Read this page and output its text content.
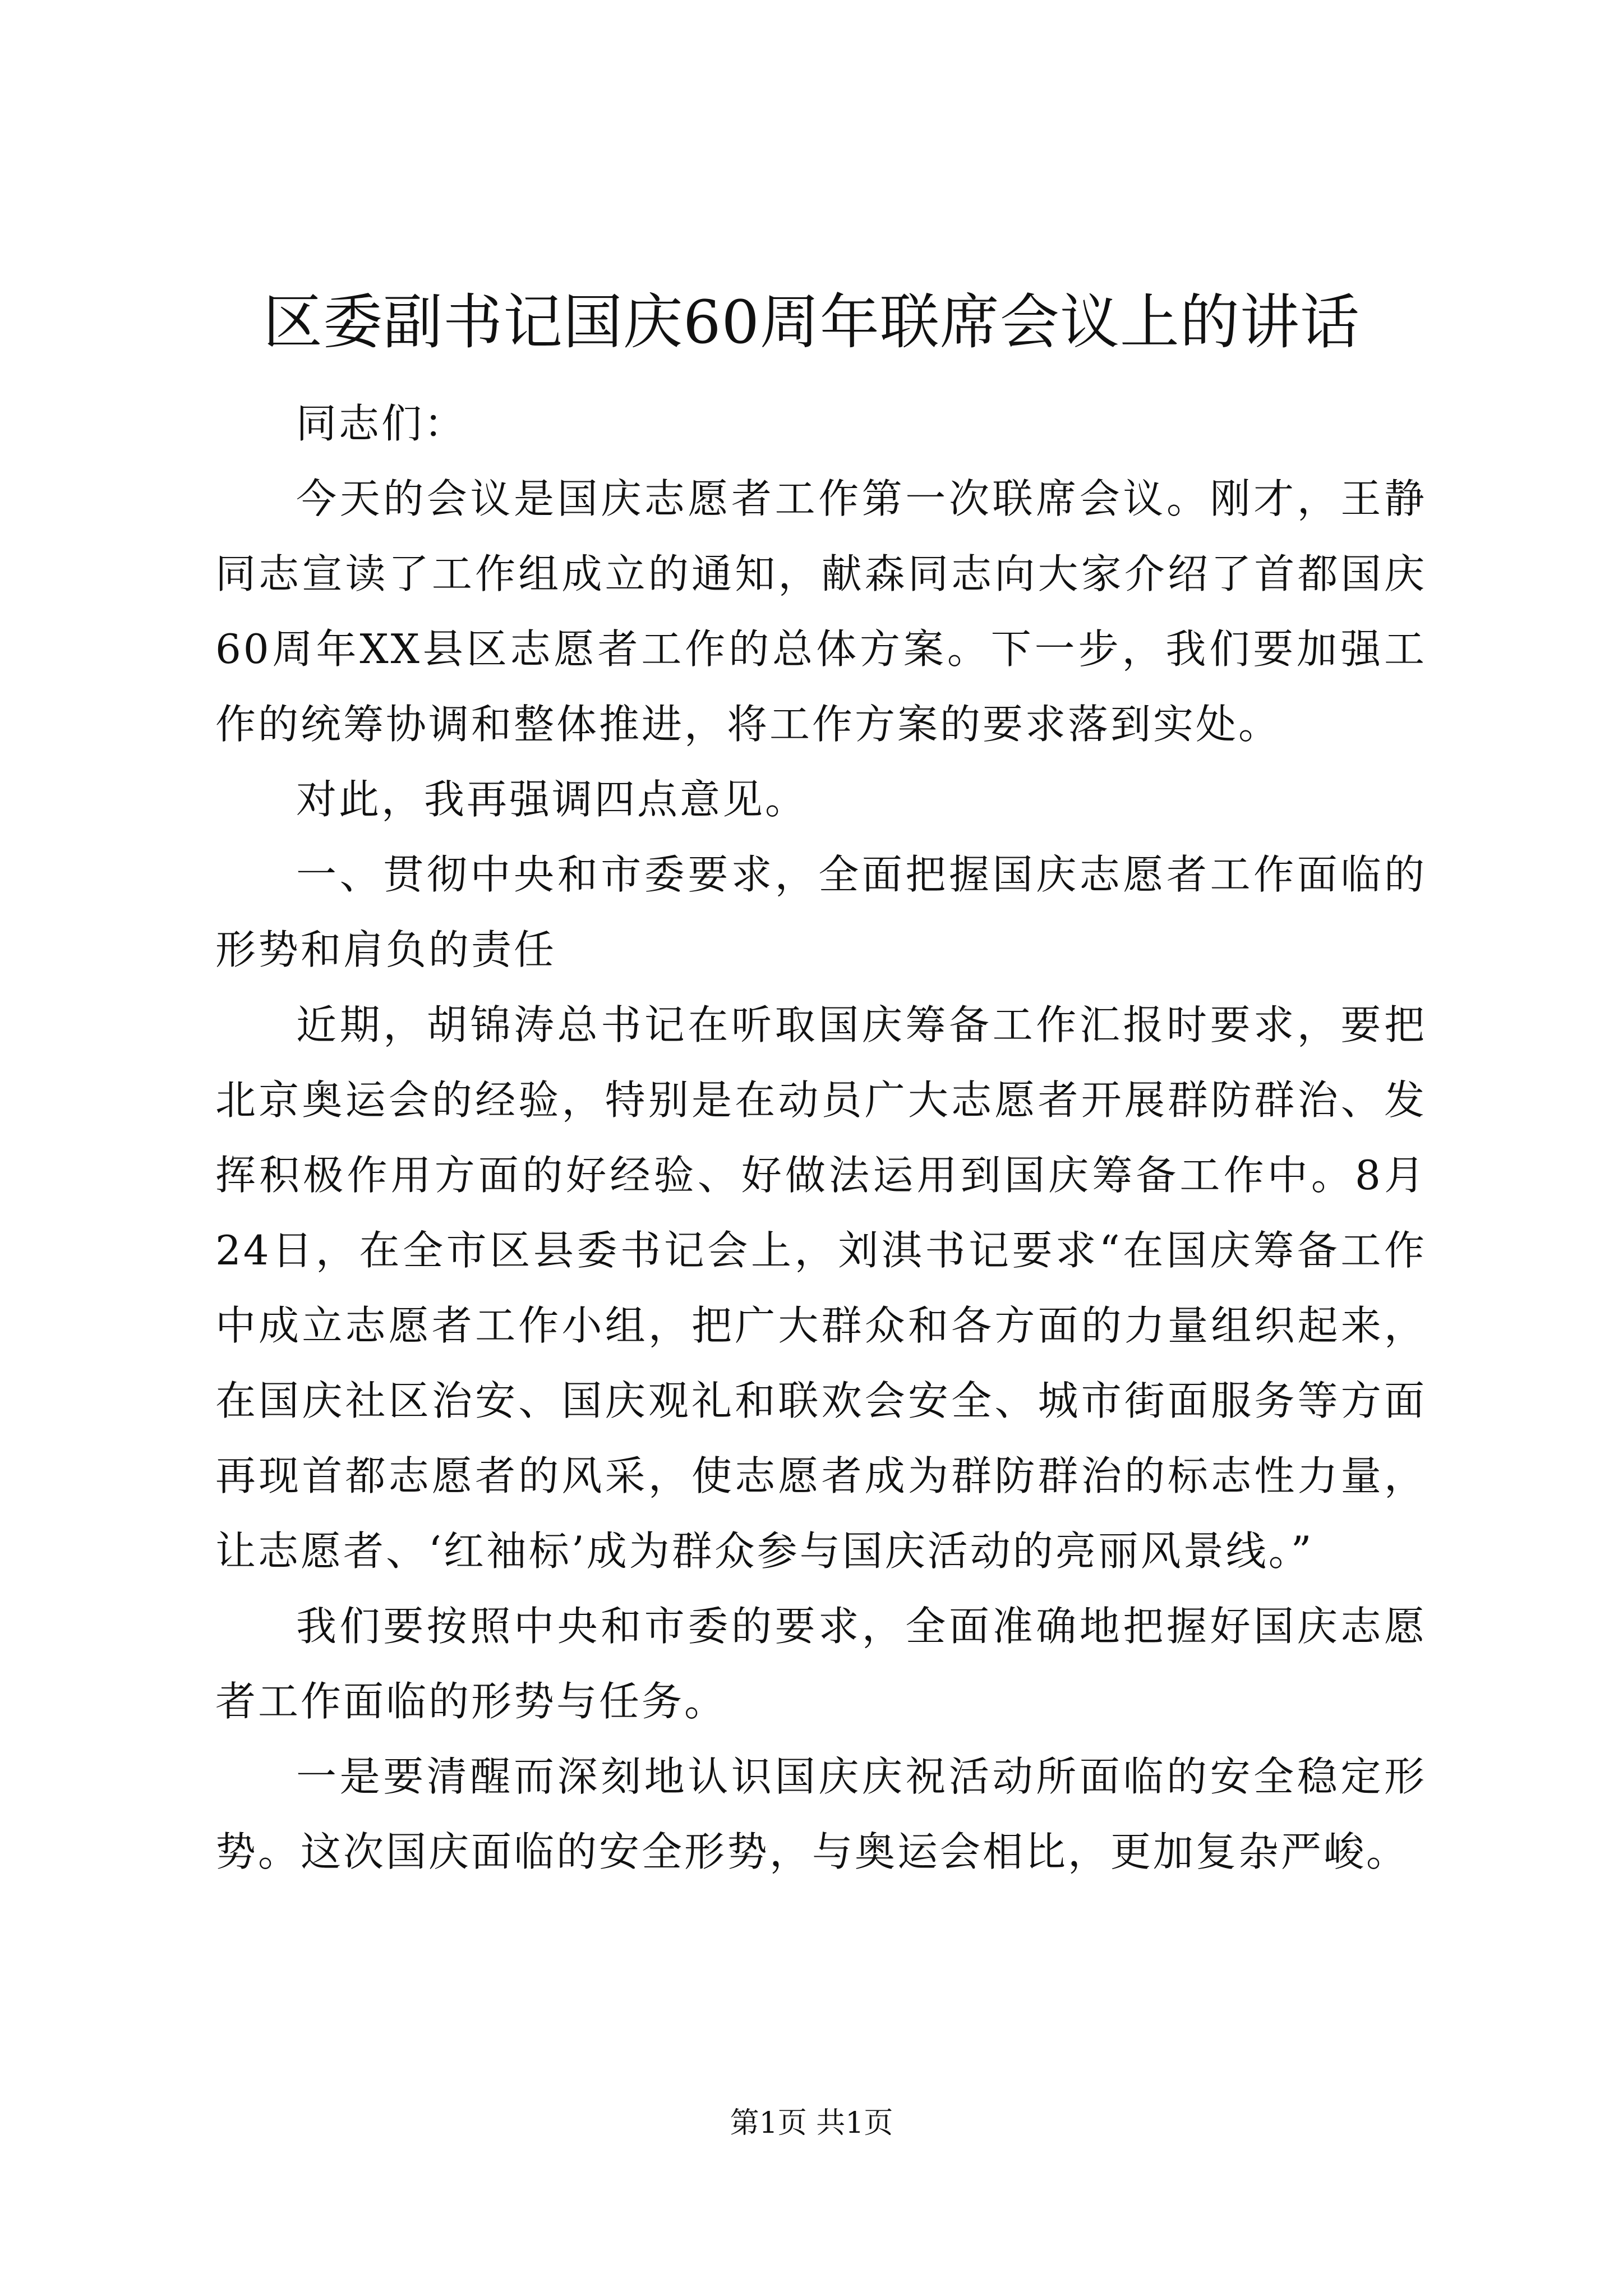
区委副书记国庆60周年联席会议上的讲话

同志们：

今天的会议是国庆志愿者工作第一次联席会议。刚才，王静同志宣读了工作组成立的通知，献森同志向大家介绍了首都国庆60周年XX县区志愿者工作的总体方案。下一步，我们要加强工作的统筹协调和整体推进，将工作方案的要求落到实处。

对此，我再强调四点意见。

一、贯彻中央和市委要求，全面把握国庆志愿者工作面临的形势和肩负的责任

近期，胡锦涛总书记在听取国庆筹备工作汇报时要求，要把北京奥运会的经验，特别是在动员广大志愿者开展群防群治、发挥积极作用方面的好经验、好做法运用到国庆筹备工作中。8月24日，在全市区县委书记会上，刘淇书记要求“在国庆筹备工作中成立志愿者工作小组，把广大群众和各方面的力量组织起来，在国庆社区治安、国庆观礼和联欢会安全、城市街面服务等方面再现首都志愿者的风采，使志愿者成为群防群治的标志性力量，让志愿者、‘红袖标’成为群众参与国庆活动的亮丽风景线。”

我们要按照中央和市委的要求，全面准确地把握好国庆志愿者工作面临的形势与任务。

一是要清醒而深刻地认识国庆庆祝活动所面临的安全稳定形势。这次国庆面临的安全形势，与奥运会相比，更加复杂严峻。

第1页 共1页
